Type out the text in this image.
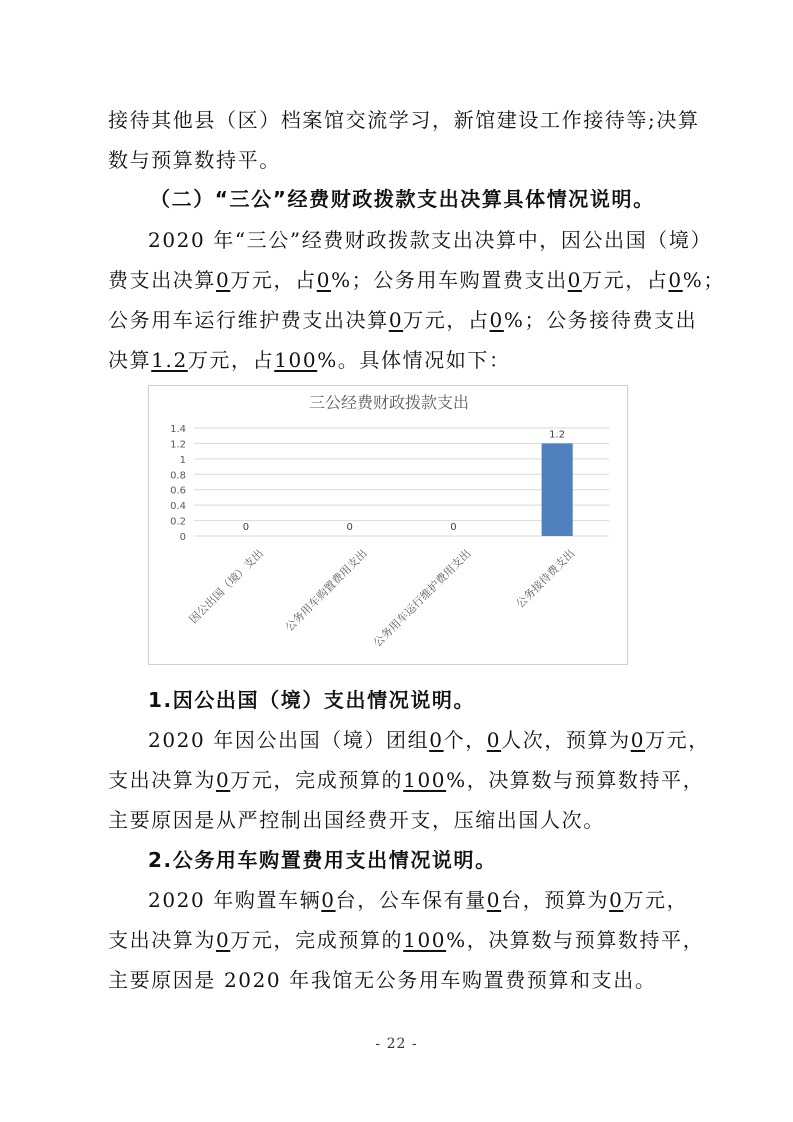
接待其他县（区）档案馆交流学习，新馆建设工作接待等;决算
数与预算数持平。
（二）“三公”经费财政拨款支出决算具体情况说明。
2020 年“三公”经费财政拨款支出决算中，因公出国（境）
费支出决算0万元，占0%；公务用车购置费支出0万元，占0%；
公务用车运行维护费支出决算0万元，占0%；公务接待费支出
决算1.2万元，占100%。具体情况如下：
三公经费财政拨款支出
0
0.2
0.4
0.6
0.8
1
1.2
1.4
0
因公出国（境）支出
0
公务用车购置费用支出
0
公务用车运行维护费用支出
1.2
公务接待费支出
1.因公出国（境）支出情况说明。
2020 年因公出国（境）团组0个，0人次，预算为0万元，
支出决算为0万元，完成预算的100%，决算数与预算数持平，
主要原因是从严控制出国经费开支，压缩出国人次。
2.公务用车购置费用支出情况说明。
2020 年购置车辆0台，公车保有量0台，预算为0万元，
支出决算为0万元，完成预算的100%，决算数与预算数持平，
主要原因是 2020 年我馆无公务用车购置费预算和支出。
- 22 -
